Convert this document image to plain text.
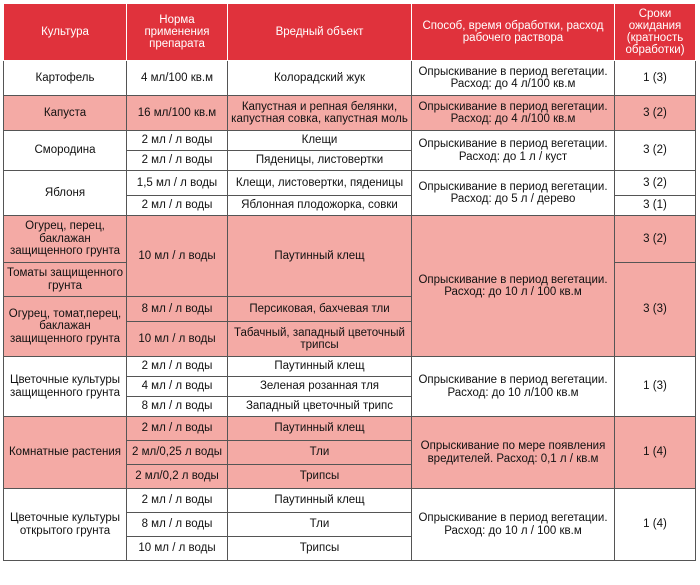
Культура	Норма применения препарата	Вредный объект	Способ, время обработки, расход рабочего раствора	Сроки ожидания (кратность обработки)
Картофель	4 мл/100 кв.м	Колорадский жук	Опрыскивание в период вегетации. Расход: до 4 л/100 кв.м	1 (3)
Капуста	16 мл/100 кв.м	Капустная и репная белянки, капустная совка, капустная моль	Опрыскивание в период вегетации. Расход: до 4 л/100 кв.м	3 (2)
Смородина	2 мл / л воды	Клещи	Опрыскивание в период вегетации. Расход: до 1 л / куст	3 (2)
	2 мл / л воды	Пяденицы, листовертки		
Яблоня	1,5 мл / л воды	Клещи, листовертки, пяденицы	Опрыскивание в период вегетации. Расход: до 5 л / дерево	3 (2)
	2 мл / л воды	Яблонная плодожорка, совки		3 (1)
Огурец, перец, баклажан защищенного грунта	10 мл / л воды	Паутинный клещ	Опрыскивание в период вегетации. Расход: до 10 л / 100 кв.м	3 (2)
Томаты защищенного грунта				3 (3)
Огурец, томат,перец, баклажан защищенного грунта	8 мл / л воды	Персиковая, бахчевая тли		
	10 мл / л воды	Табачный, западный цветочный трипсы		
Цветочные культуры защищенного грунта	2 мл / л воды	Паутинный клещ	Опрыскивание в период вегетации. Расход: до 10 л/100 кв.м	1 (3)
	4 мл / л воды	Зеленая розанная тля		
	8 мл / л воды	Западный цветочный трипс		
Комнатные растения	2 мл / л воды	Паутинный клещ	Опрыскивание по мере появления вредителей. Расход: 0,1 л / кв.м	1 (4)
	2 мл/0,25 л воды	Тли		
	2 мл/0,2 л воды	Трипсы		
Цветочные культуры открытого грунта	2 мл / л воды	Паутинный клещ	Опрыскивание в период вегетации. Расход: до 10 л / 100 кв.м	1 (4)
	8 мл / л воды	Тли		
	10 мл / л воды	Трипсы		
